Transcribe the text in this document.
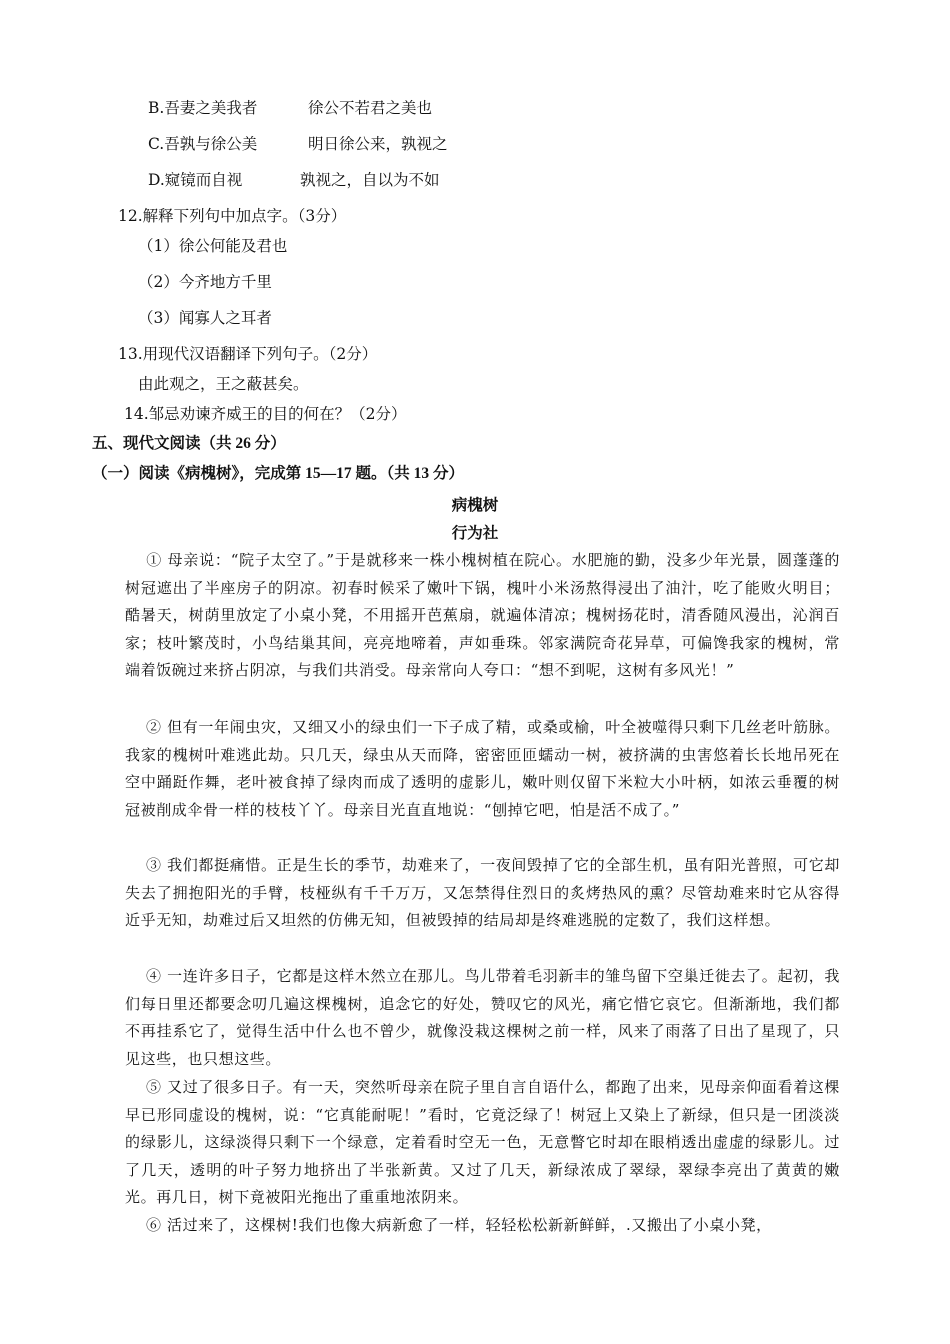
B.吾妻之美我者	徐公不若君之美也
C.吾孰与徐公美	明日徐公来，孰视之
D.窥镜而自视	孰视之，自以为不如
12.解释下列句中加点字。（3分）
（1）徐公何能及君也
（2）今齐地方千里
（3）闻寡人之耳者
13.用现代汉语翻译下列句子。（2分）
由此观之，王之蔽甚矣。
14.邹忌劝谏齐威王的目的何在？（2分）
五、现代文阅读（共 26 分）
（一）阅读《病槐树》，完成第 15—17 题。（共 13 分）
病槐树
行为社
① 母亲说：“院子太空了。”于是就移来一株小槐树植在院心。水肥施的勤，没多少年光景，圆蓬蓬的树冠遮出了半座房子的阴凉。初春时候采了嫩叶下锅，槐叶小米汤熬得浸出了油汁，吃了能败火明目；酷暑天，树荫里放定了小桌小凳，不用摇开芭蕉扇，就遍体清凉；槐树扬花时，清香随风漫出，沁润百家；枝叶繁茂时，小鸟结巢其间，亮亮地啼着，声如垂珠。邻家满院奇花异草，可偏馋我家的槐树，常端着饭碗过来挤占阴凉，与我们共消受。母亲常向人夸口：“想不到呢，这树有多风光！”
② 但有一年闹虫灾，又细又小的绿虫们一下子成了精，或桑或榆，叶全被噬得只剩下几丝老叶筋脉。我家的槐树叶难逃此劫。只几天，绿虫从天而降，密密匝匝蠕动一树，被挤满的虫害悠着长长地吊死在空中踊跹作舞，老叶被食掉了绿肉而成了透明的虚影儿，嫩叶则仅留下米粒大小叶柄，如浓云垂覆的树冠被削成伞骨一样的枝枝丫丫。母亲目光直直地说：“刨掉它吧，怕是活不成了。”
③ 我们都挺痛惜。正是生长的季节，劫难来了，一夜间毁掉了它的全部生机，虽有阳光普照，可它却失去了拥抱阳光的手臂，枝桠纵有千千万万，又怎禁得住烈日的炙烤热风的熏？尽管劫难来时它从容得近乎无知，劫难过后又坦然的仿佛无知，但被毁掉的结局却是终难逃脱的定数了，我们这样想。
④ 一连许多日子，它都是这样木然立在那儿。鸟儿带着毛羽新丰的雏鸟留下空巢迁徙去了。起初，我们每日里还都要念叨几遍这棵槐树，追念它的好处，赞叹它的风光，痛它惜它哀它。但渐渐地，我们都不再挂系它了，觉得生活中什么也不曾少，就像没栽这棵树之前一样，风来了雨落了日出了星现了，只见这些，也只想这些。
⑤ 又过了很多日子。有一天，突然听母亲在院子里自言自语什么，都跑了出来，见母亲仰面看着这棵早已形同虚设的槐树，说：“它真能耐呢！”看时，它竟泛绿了！树冠上又染上了新绿，但只是一团淡淡的绿影儿，这绿淡得只剩下一个绿意，定着看时空无一色，无意瞥它时却在眼梢透出虚虚的绿影儿。过了几天，透明的叶子努力地挤出了半张新黄。又过了几天，新绿浓成了翠绿，翠绿李亮出了黄黄的嫩光。再几日，树下竟被阳光拖出了重重地浓阴来。
⑥ 活过来了，这棵树!我们也像大病新愈了一样，轻轻松松新新鲜鲜，.又搬出了小桌小凳，
